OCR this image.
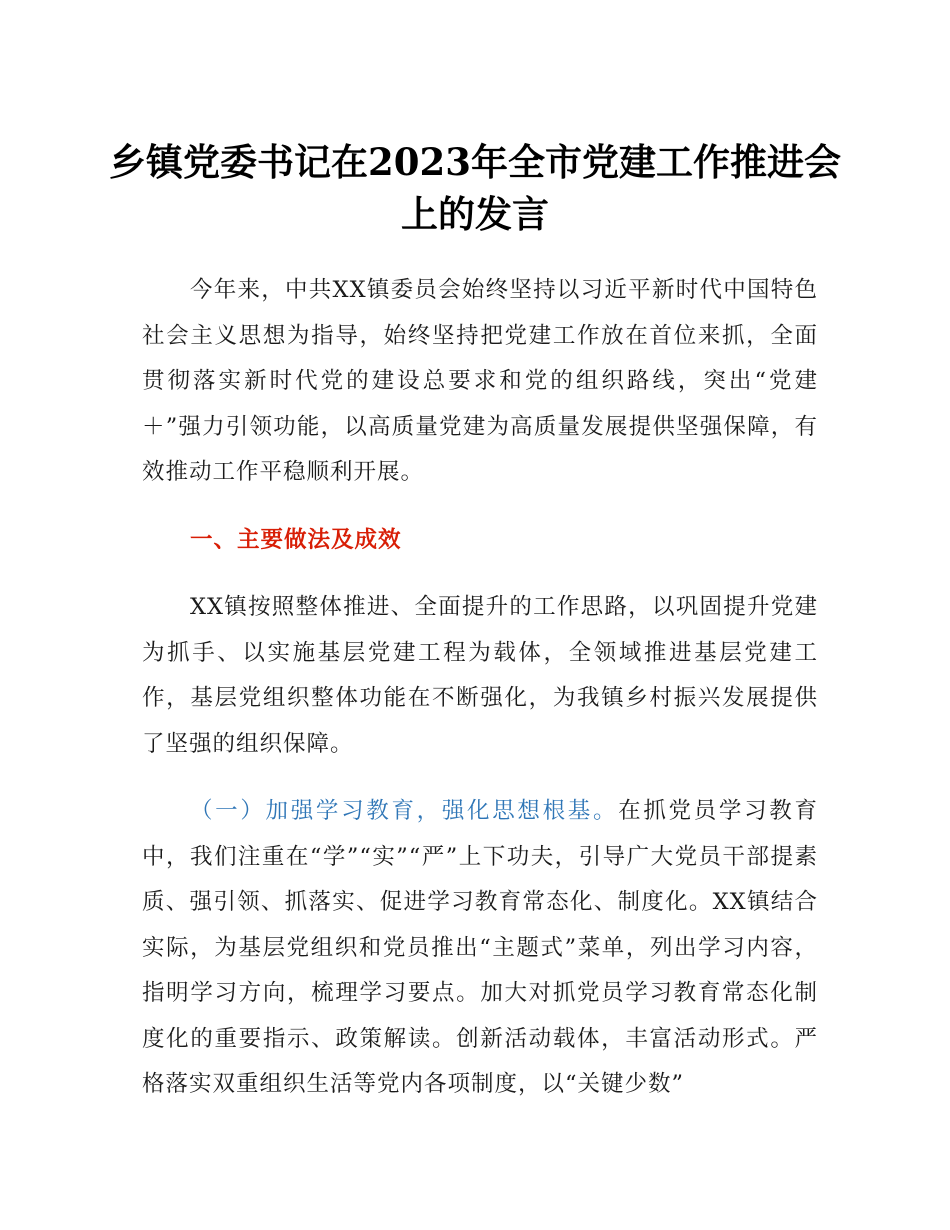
乡镇党委书记在2023年全市党建工作推进会
上的发言

今年来，中共XX镇委员会始终坚持以习近平新时代中国特色社会主义思想为指导，始终坚持把党建工作放在首位来抓，全面贯彻落实新时代党的建设总要求和党的组织路线，突出“党建＋”强力引领功能，以高质量党建为高质量发展提供坚强保障，有效推动工作平稳顺利开展。

一、主要做法及成效

XX镇按照整体推进、全面提升的工作思路，以巩固提升党建为抓手、以实施基层党建工程为载体，全领域推进基层党建工作，基层党组织整体功能在不断强化，为我镇乡村振兴发展提供了坚强的组织保障。

（一）加强学习教育，强化思想根基。在抓党员学习教育中，我们注重在“学”“实”“严”上下功夫，引导广大党员干部提素质、强引领、抓落实、促进学习教育常态化、制度化。XX镇结合实际，为基层党组织和党员推出“主题式”菜单，列出学习内容，指明学习方向，梳理学习要点。加大对抓党员学习教育常态化制度化的重要指示、政策解读。创新活动载体，丰富活动形式。严格落实双重组织生活等党内各项制度，以“关键少数”
